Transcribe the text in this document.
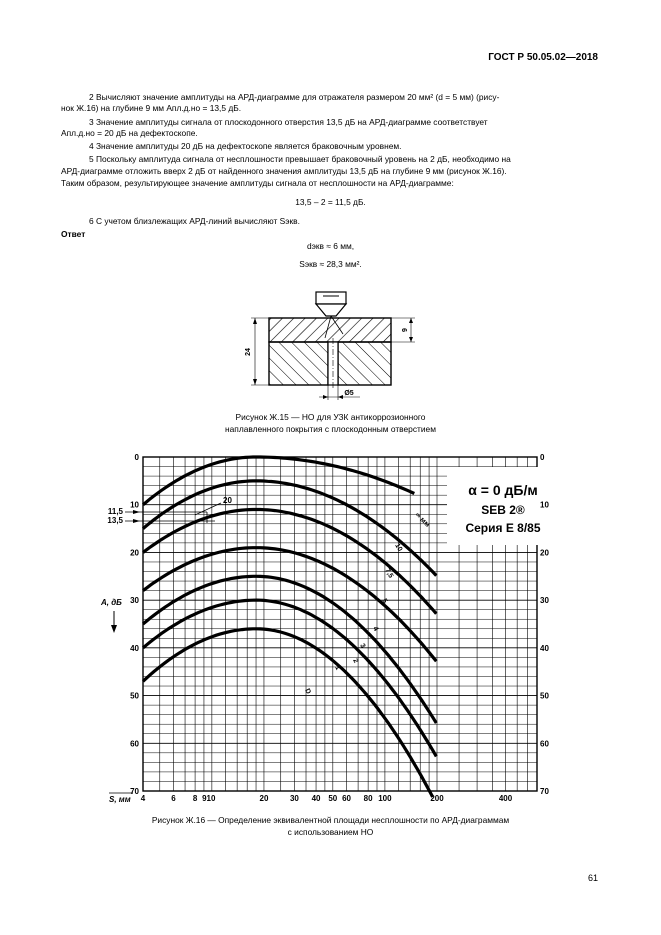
ГОСТ Р 50.05.02—2018

2 Вычисляют значение амплитуды на АРД-диаграмме для отражателя размером 20 мм² (d = 5 мм) (рису-

нок Ж.16) на глубине 9 мм Aпл.д.но = 13,5 дБ.

3 Значение амплитуды сигнала от плоскодонного отверстия 13,5 дБ на АРД-диаграмме соответствует

Aпл.д.но = 20 дБ на дефектоскопе.

4 Значение амплитуды 20 дБ на дефектоскопе является браковочным уровнем.

5 Поскольку амплитуда сигнала от несплошности превышает браковочный уровень на 2 дБ, необходимо на

АРД-диаграмме отложить вверх 2 дБ от найденного значения амплитуды 13,5 дБ на глубине 9 мм (рисунок Ж.16).

Таким образом, результирующее значение амплитуды сигнала от несплошности на АРД-диаграмме:

13,5 – 2 = 11,5 дБ.

6 С учетом близлежащих АРД-линий вычисляют Sэкв.

Ответ

dэкв ≈ 6 мм,
Sэкв ≈ 28,3 мм².
24
9
Ø5
Рисунок Ж.15 — НО для УЗК антикоррозионного
наплавленного покрытия с плоскодонным отверстием
∞ мм
10
7,5
5
4
3
2
1
D
α = 0 дБ/м
SEB 2®
Серия E 8/85
0	0
10	10
20	20
30	30
40	40
50	50
60	60
70	70
4	6 8 910	20	30 40 50 60 80 100	200	400
A, дБ
S, мм
11,5
13,5
20
Рисунок Ж.16 — Определение эквивалентной площади несплошности по АРД-диаграммам
с использованием НО
61
